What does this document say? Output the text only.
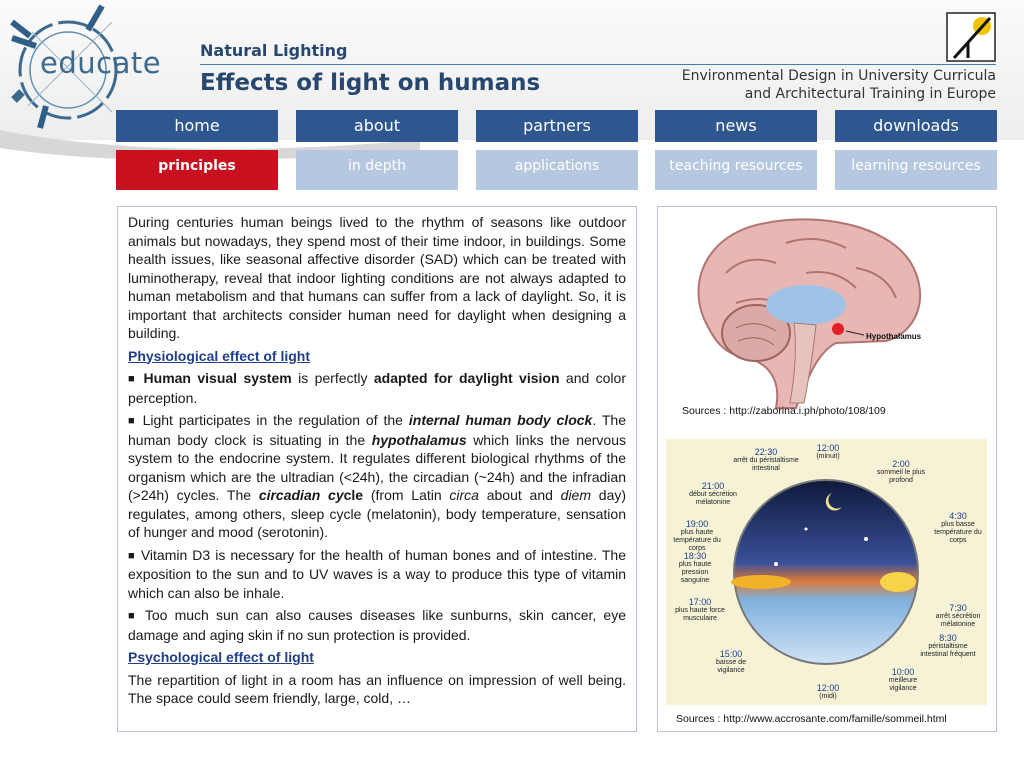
educate Natural Lighting
Effects of light on humans	Environmental Design in University Curricula
and Architectural Training in Europe
home	about	partners	news	downloads
principles	in depth	applications	teaching resources	learning resources

During centuries human beings lived to the rhythm of seasons like outdoor animals but nowadays, they spend most of their time indoor, in buildings. Some health issues, like seasonal affective disorder (SAD) which can be treated with luminotherapy, reveal that indoor lighting conditions are not always adapted to human metabolism and that humans can suffer from a lack of daylight. So, it is important that architects consider human need for daylight when designing a building.

Physiological effect of light

■ Human visual system is perfectly adapted for daylight vision and color perception.

■ Light participates in the regulation of the internal human body clock. The human body clock is situating in the hypothalamus which links the nervous system to the endocrine system. It regulates different biological rhythms of the organism which are the ultradian (<24h), the circadian (~24h) and the infradian (>24h) cycles. The circadian cycle (from Latin circa about and diem day) regulates, among others, sleep cycle (melatonin), body temperature, sensation of hunger and mood (serotonin).

■ Vitamin D3 is necessary for the health of human bones and of intestine. The exposition to the sun and to UV waves is a way to produce this type of vitamin which can also be inhale.

■ Too much sun can also causes diseases like sunburns, skin cancer, eye damage and aging skin if no sun protection is provided.

Psychological effect of light

The repartition of light in a room has an influence on impression of well being. The space could seem friendly, large, cold, …

Hypothalamus
Sources : http://zaborina.i.ph/photo/108/109
12:00
(minuit)
22:30
arrêt du péristaltisme intestinal	2:00
sommeil le plus profond
21:00
début sécrétion mélatonine
4:30
plus basse température du corps
19:00
plus haute température du corps
18:30
plus haute pression sanguine
17:00
plus haute force musculaire
7:30
arrêt sécrétion mélatonine
8:30
péristaltisme intestinal fréquent
15:00
baisse de vigilance	10:00
meilleure vigilance
12:00
(midi)
Sources : http://www.accrosante.com/famille/sommeil.html
